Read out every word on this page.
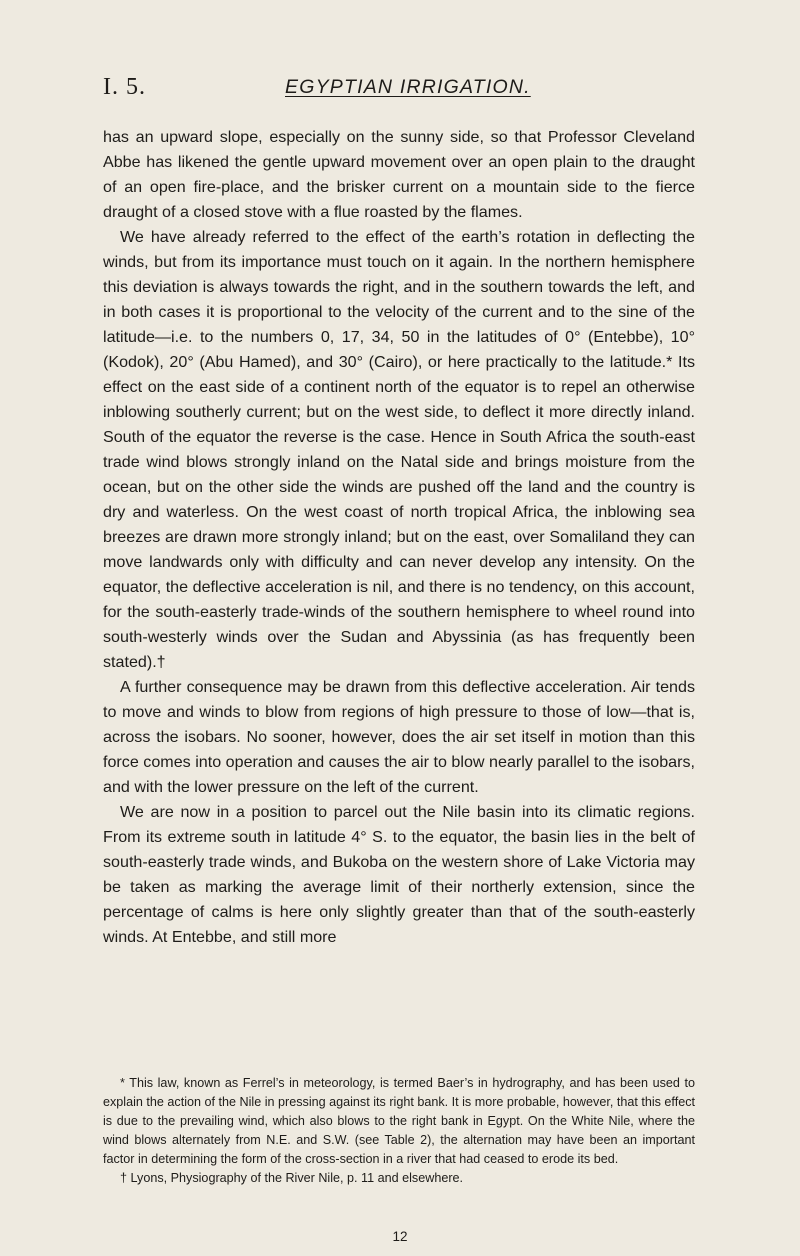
I. 5.	EGYPTIAN IRRIGATION.

has an upward slope, especially on the sunny side, so that Professor Cleveland Abbe has likened the gentle upward movement over an open plain to the draught of an open fire-place, and the brisker current on a mountain side to the fierce draught of a closed stove with a flue roasted by the flames.

We have already referred to the effect of the earth’s rotation in deflecting the winds, but from its importance must touch on it again. In the northern hemisphere this deviation is always towards the right, and in the southern towards the left, and in both cases it is proportional to the velocity of the current and to the sine of the latitude—i.e. to the numbers 0, 17, 34, 50 in the latitudes of 0° (Entebbe), 10° (Kodok), 20° (Abu Hamed), and 30° (Cairo), or here practically to the latitude.* Its effect on the east side of a continent north of the equator is to repel an otherwise inblowing southerly current; but on the west side, to deflect it more directly inland. South of the equator the reverse is the case. Hence in South Africa the south-east trade wind blows strongly inland on the Natal side and brings moisture from the ocean, but on the other side the winds are pushed off the land and the country is dry and waterless. On the west coast of north tropical Africa, the inblowing sea breezes are drawn more strongly inland; but on the east, over Somaliland they can move landwards only with difficulty and can never develop any intensity. On the equator, the deflective acceleration is nil, and there is no tendency, on this account, for the south-easterly trade-winds of the southern hemisphere to wheel round into south-westerly winds over the Sudan and Abyssinia (as has frequently been stated).†

A further consequence may be drawn from this deflective acceleration. Air tends to move and winds to blow from regions of high pressure to those of low—that is, across the isobars. No sooner, however, does the air set itself in motion than this force comes into operation and causes the air to blow nearly parallel to the isobars, and with the lower pressure on the left of the current.

We are now in a position to parcel out the Nile basin into its climatic regions. From its extreme south in latitude 4° S. to the equator, the basin lies in the belt of south-easterly trade winds, and Bukoba on the western shore of Lake Victoria may be taken as marking the average limit of their northerly extension, since the percentage of calms is here only slightly greater than that of the south-easterly winds. At Entebbe, and still more

* This law, known as Ferrel’s in meteorology, is termed Baer’s in hydrography, and has been used to explain the action of the Nile in pressing against its right bank. It is more probable, however, that this effect is due to the prevailing wind, which also blows to the right bank in Egypt. On the White Nile, where the wind blows alternately from N.E. and S.W. (see Table 2), the alternation may have been an important factor in determining the form of the cross-section in a river that had ceased to erode its bed.

† Lyons, Physiography of the River Nile, p. 11 and elsewhere.

12
